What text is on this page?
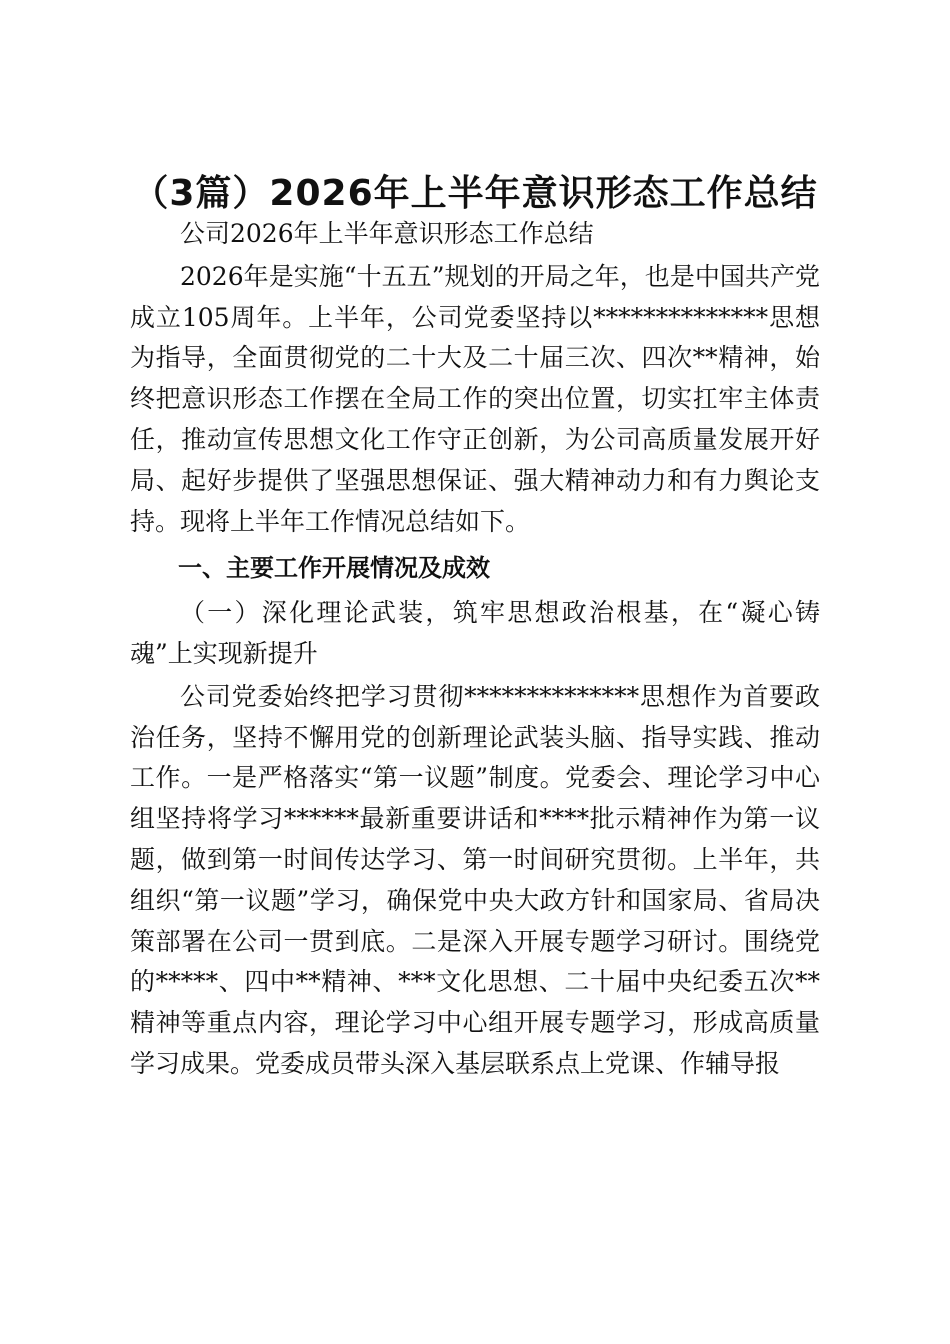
（3篇）2026年上半年意识形态工作总结

公司2026年上半年意识形态工作总结

2026年是实施“十五五”规划的开局之年，也是中国共产党成立105周年。上半年，公司党委坚持以**************思想为指导，全面贯彻党的二十大及二十届三次、四次**精神，始终把意识形态工作摆在全局工作的突出位置，切实扛牢主体责任，推动宣传思想文化工作守正创新，为公司高质量发展开好局、起好步提供了坚强思想保证、强大精神动力和有力舆论支持。现将上半年工作情况总结如下。

一、主要工作开展情况及成效

（一）深化理论武装，筑牢思想政治根基，在“凝心铸魂”上实现新提升

公司党委始终把学习贯彻**************思想作为首要政治任务，坚持不懈用党的创新理论武装头脑、指导实践、推动工作。一是严格落实“第一议题”制度。党委会、理论学习中心组坚持将学习******最新重要讲话和****批示精神作为第一议题，做到第一时间传达学习、第一时间研究贯彻。上半年，共组织“第一议题”学习，确保党中央大政方针和国家局、省局决策部署在公司一贯到底。二是深入开展专题学习研讨。围绕党的*****、四中**精神、***文化思想、二十届中央纪委五次**精神等重点内容，理论学习中心组开展专题学习，形成高质量学习成果。党委成员带头深入基层联系点上党课、作辅导报
